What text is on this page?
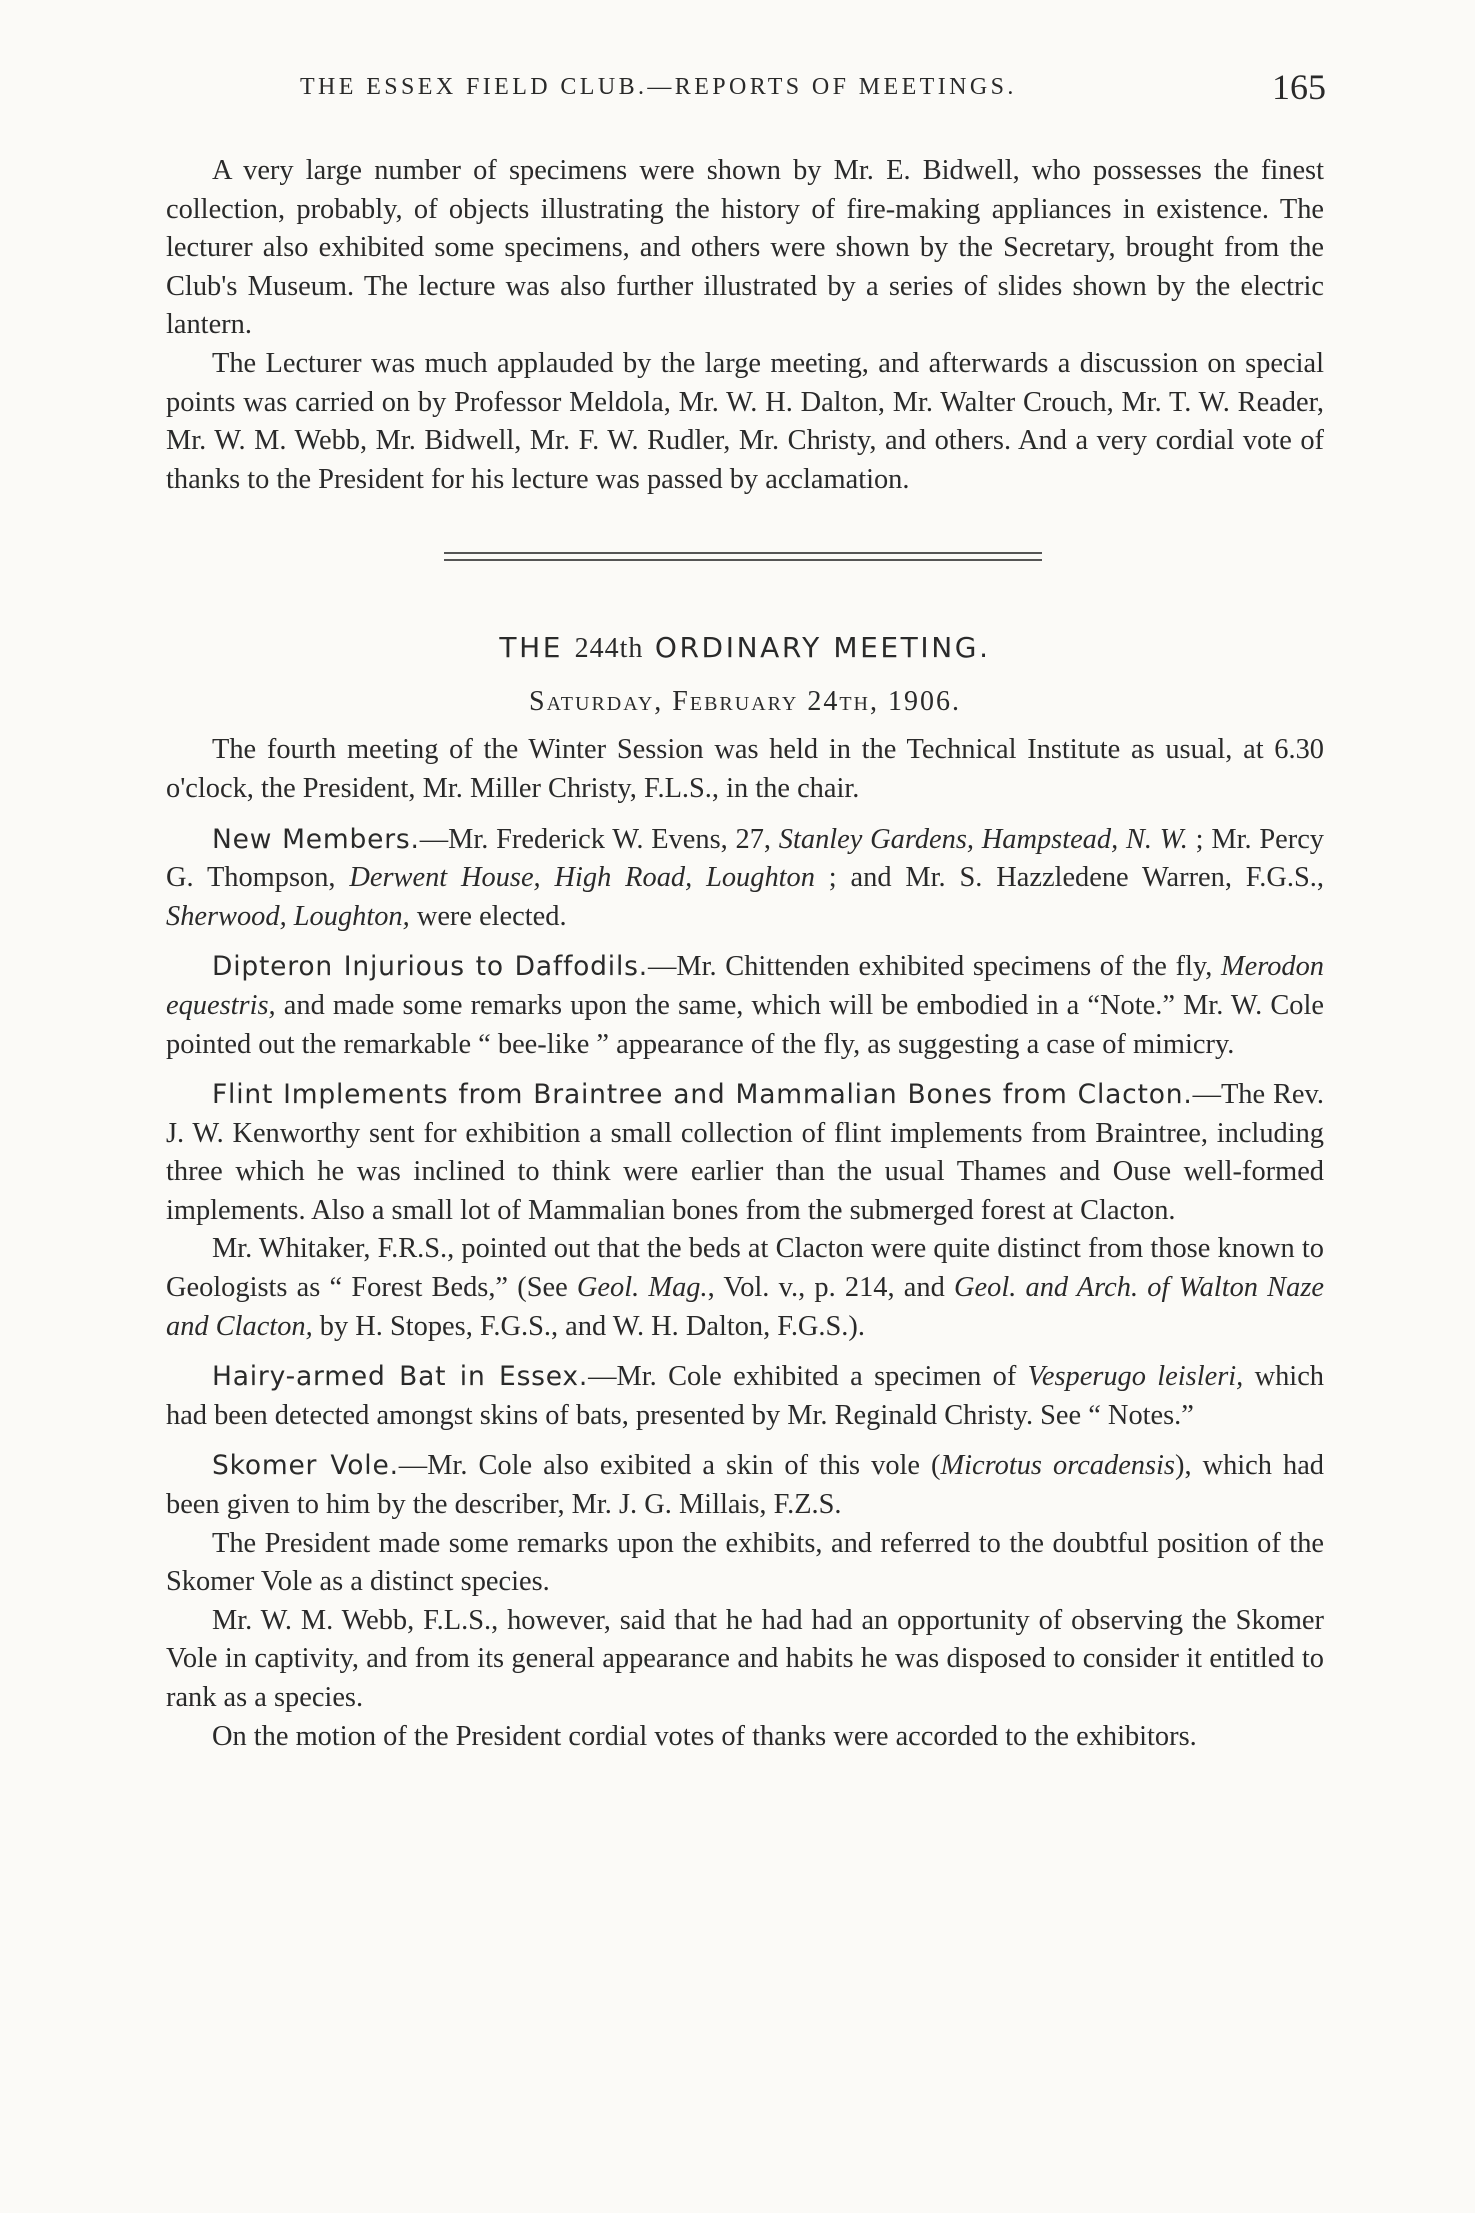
THE ESSEX FIELD CLUB.—REPORTS OF MEETINGS.	165

A very large number of specimens were shown by Mr. E. Bidwell, who possesses the finest collection, probably, of objects illustrating the history of fire-making appliances in existence. The lecturer also exhibited some specimens, and others were shown by the Secretary, brought from the Club's Museum. The lecture was also further illustrated by a series of slides shown by the electric lantern.

The Lecturer was much applauded by the large meeting, and afterwards a discussion on special points was carried on by Professor Meldola, Mr. W. H. Dalton, Mr. Walter Crouch, Mr. T. W. Reader, Mr. W. M. Webb, Mr. Bidwell, Mr. F. W. Rudler, Mr. Christy, and others. And a very cordial vote of thanks to the President for his lecture was passed by acclamation.

THE 244th ORDINARY MEETING.
Saturday, February 24th, 1906.

The fourth meeting of the Winter Session was held in the Technical Institute as usual, at 6.30 o'clock, the President, Mr. Miller Christy, F.L.S., in the chair.

New Members.—Mr. Frederick W. Evens, 27, Stanley Gardens, Hampstead, N. W. ; Mr. Percy G. Thompson, Derwent House, High Road, Loughton ; and Mr. S. Hazzledene Warren, F.G.S., Sherwood, Loughton, were elected.

Dipteron Injurious to Daffodils.—Mr. Chittenden exhibited specimens of the fly, Merodon equestris, and made some remarks upon the same, which will be embodied in a “Note.” Mr. W. Cole pointed out the remarkable “ bee-like ” appearance of the fly, as suggesting a case of mimicry.

Flint Implements from Braintree and Mammalian Bones from Clacton.—The Rev. J. W. Kenworthy sent for exhibition a small collection of flint implements from Braintree, including three which he was inclined to think were earlier than the usual Thames and Ouse well-formed implements. Also a small lot of Mammalian bones from the submerged forest at Clacton.

Mr. Whitaker, F.R.S., pointed out that the beds at Clacton were quite distinct from those known to Geologists as “ Forest Beds,” (See Geol. Mag., Vol. v., p. 214, and Geol. and Arch. of Walton Naze and Clacton, by H. Stopes, F.G.S., and W. H. Dalton, F.G.S.).

Hairy-armed Bat in Essex.—Mr. Cole exhibited a specimen of Vesperugo leisleri, which had been detected amongst skins of bats, presented by Mr. Reginald Christy. See “ Notes.”

Skomer Vole.—Mr. Cole also exibited a skin of this vole (Microtus orcadensis), which had been given to him by the describer, Mr. J. G. Millais, F.Z.S.

The President made some remarks upon the exhibits, and referred to the doubtful position of the Skomer Vole as a distinct species.

Mr. W. M. Webb, F.L.S., however, said that he had had an opportunity of observing the Skomer Vole in captivity, and from its general appearance and habits he was disposed to consider it entitled to rank as a species.

On the motion of the President cordial votes of thanks were accorded to the exhibitors.
